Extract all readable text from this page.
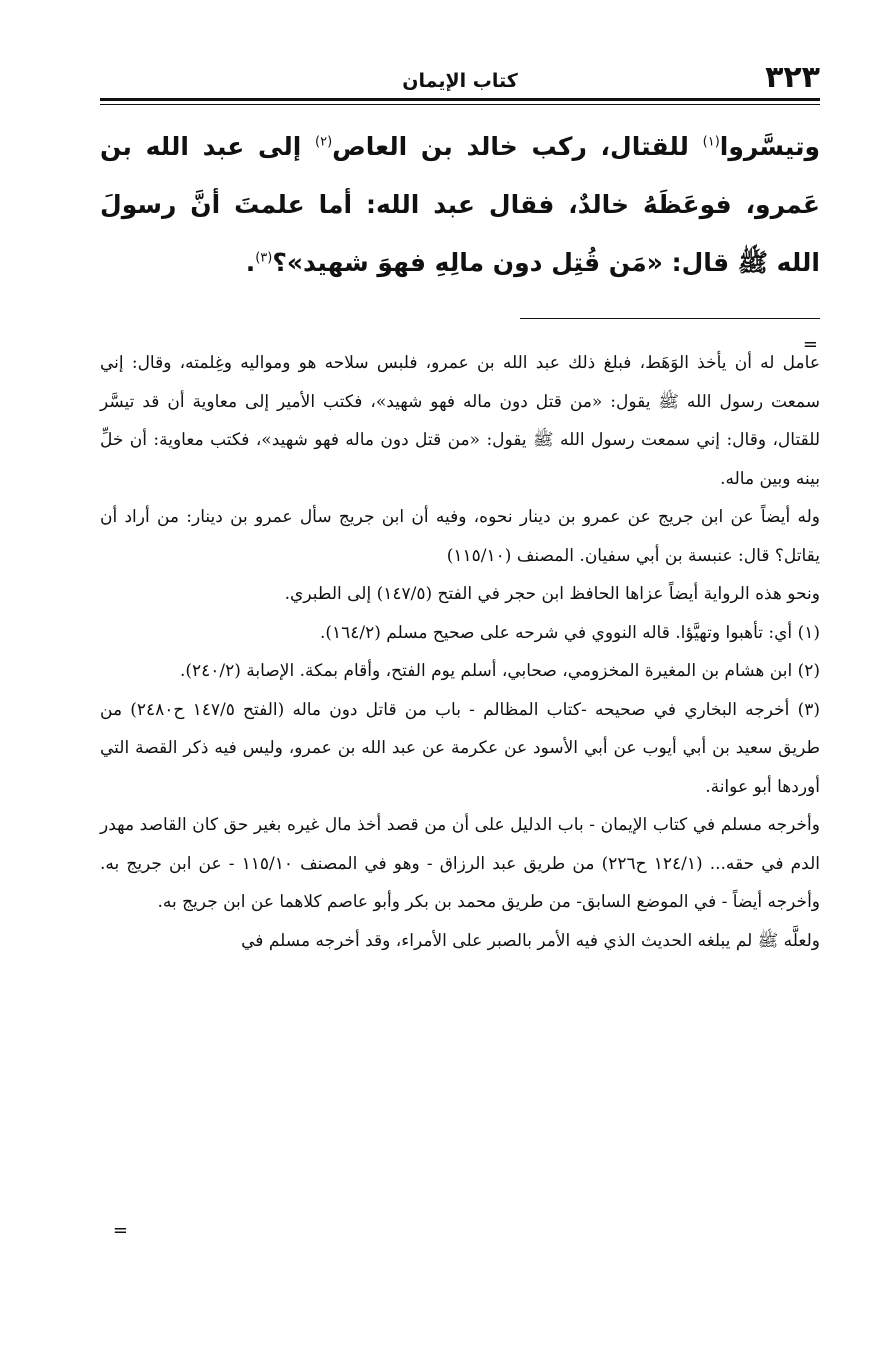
٣٢٣
كتاب الإيمان

وتيسَّروا$^{(١)}$ للقتال، ركب خالد بن العاص$^{(٢)}$ إلى عبد الله بن عَمرو، فوعَظَهُ خالدٌ، فقال عبد الله: أما علمتَ أنَّ رسولَ الله ﷺ قال: «مَن قُتِل دون مالِهِ فهوَ شهيد»؟$^{(٣)}$.

=

عامل له أن يأخذ الوَهَط، فبلغ ذلك عبد الله بن عمرو، فلبس سلاحه هو ومواليه وغِلمته، وقال: إني سمعت رسول الله ﷺ يقول: «من قتل دون ماله فهو شهيد»، فكتب الأمير إلى معاوية أن قد تيسَّر للقتال، وقال: إني سمعت رسول الله ﷺ يقول: «من قتل دون ماله فهو شهيد»، فكتب معاوية: أن خلِّ بينه وبين ماله.

وله أيضاً عن ابن جريج عن عمرو بن دينار نحوه، وفيه أن ابن جريج سأل عمرو بن دينار: من أراد أن يقاتل؟ قال: عنبسة بن أبي سفيان. المصنف (١١٥/١٠)

ونحو هذه الرواية أيضاً عزاها الحافظ ابن حجر في الفتح (١٤٧/٥) إلى الطبري.

(١) أي: تأهبوا وتهيَّؤا. قاله النووي في شرحه على صحيح مسلم (١٦٤/٢).

(٢) ابن هشام بن المغيرة المخزومي، صحابي، أسلم يوم الفتح، وأقام بمكة. الإصابة (٢٤٠/٢).

(٣) أخرجه البخاري في صحيحه -كتاب المظالم - باب من قاتل دون ماله (الفتح ١٤٧/٥ ح٢٤٨٠) من طريق سعيد بن أبي أيوب عن أبي الأسود عن عكرمة عن عبد الله بن عمرو، وليس فيه ذكر القصة التي أوردها أبو عوانة.

وأخرجه مسلم في كتاب الإيمان - باب الدليل على أن من قصد أخذ مال غيره بغير حق كان القاصد مهدر الدم في حقه... (١٢٤/١ ح٢٢٦) من طريق عبد الرزاق - وهو في المصنف ١١٥/١٠ - عن ابن جريج به. وأخرجه أيضاً - في الموضع السابق- من طريق محمد بن بكر وأبو عاصم كلاهما عن ابن جريج به.

ولعلَّه ﷺ لم يبلغه الحديث الذي فيه الأمر بالصبر على الأمراء، وقد أخرجه مسلم في

=
